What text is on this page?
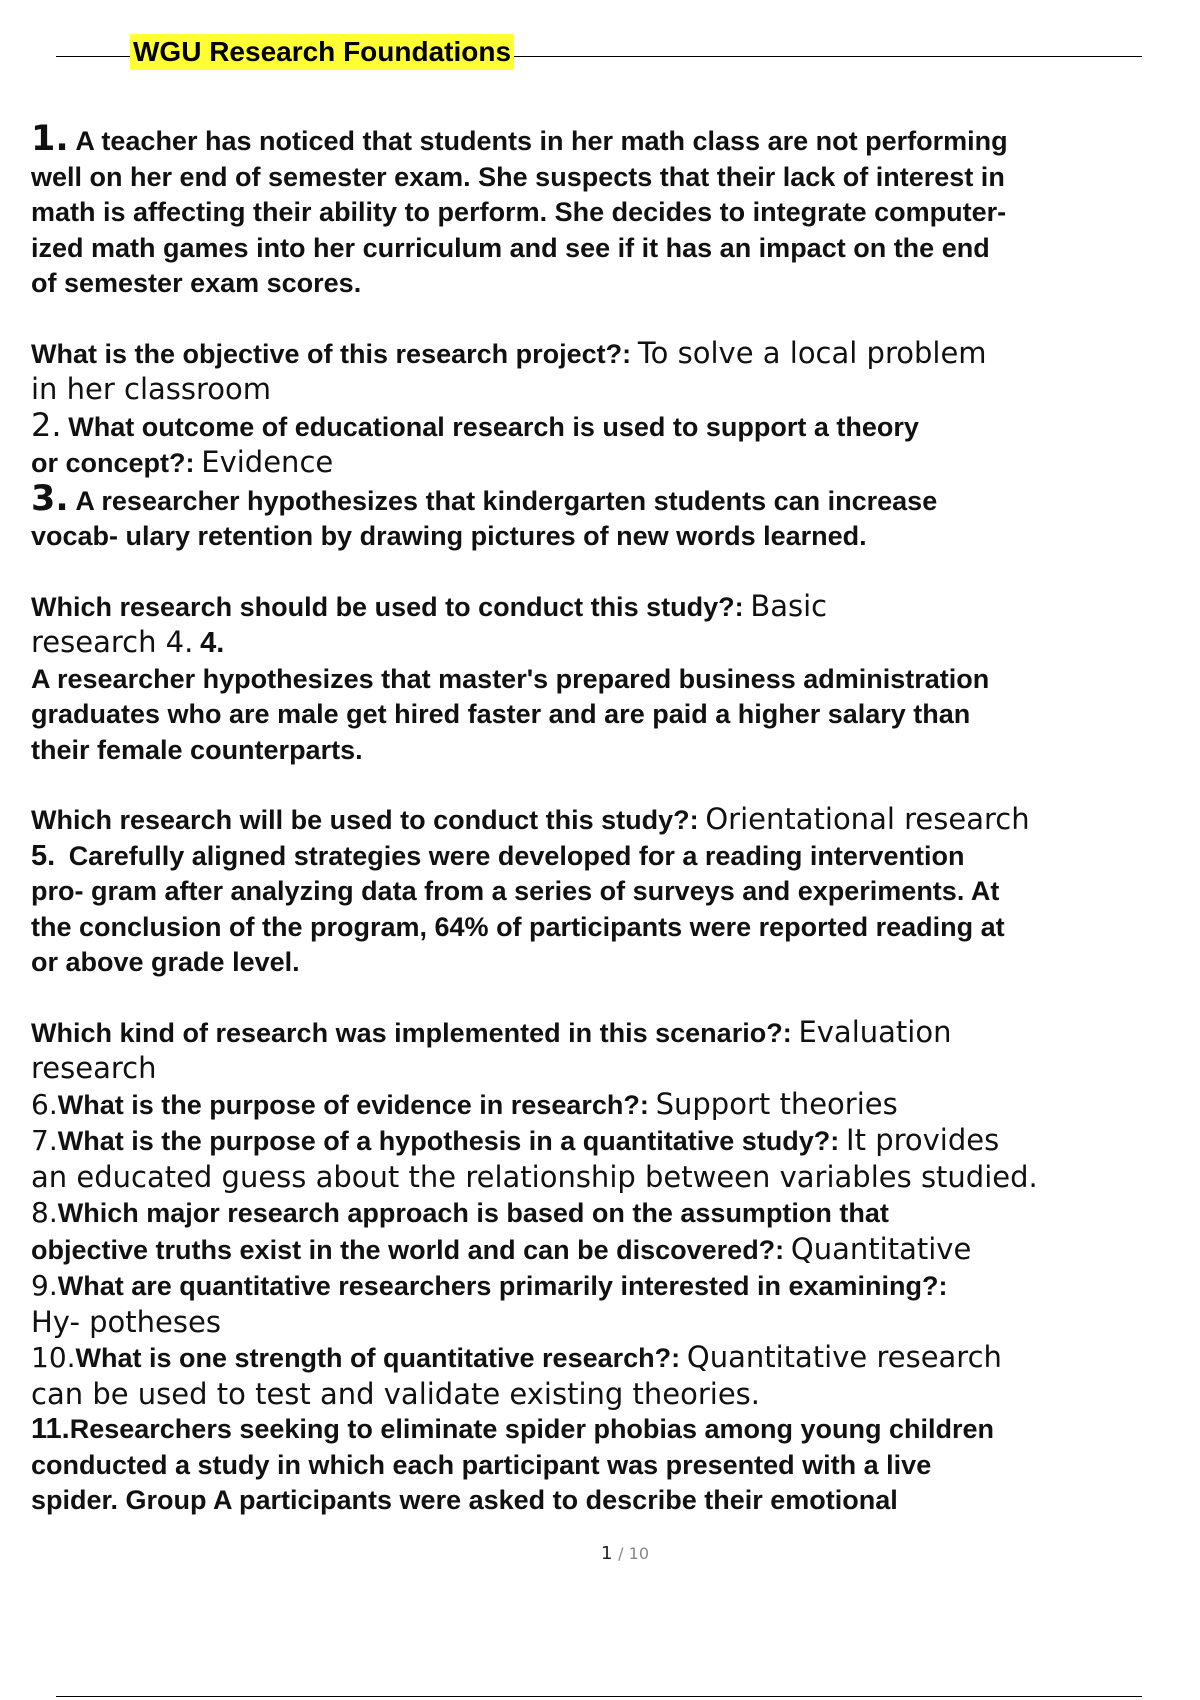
WGU Research Foundations

1. A teacher has noticed that students in her math class are not performing

well on her end of semester exam. She suspects that their lack of interest in

math is affecting their ability to perform. She decides to integrate computer-

ized math games into her curriculum and see if it has an impact on the end

of semester exam scores.

What is the objective of this research project?: To solve a local problem

in her classroom

2. What outcome of educational research is used to support a theory

or concept?: Evidence

3. A researcher hypothesizes that kindergarten students can increase

vocab- ulary retention by drawing pictures of new words learned.

Which research should be used to conduct this study?: Basic

research 4. 4.

A researcher hypothesizes that master's prepared business administration

graduates who are male get hired faster and are paid a higher salary than

their female counterparts.

Which research will be used to conduct this study?: Orientational research

5. Carefully aligned strategies were developed for a reading intervention

pro- gram after analyzing data from a series of surveys and experiments. At

the conclusion of the program, 64% of participants were reported reading at

or above grade level.

Which kind of research was implemented in this scenario?: Evaluation

research

6.What is the purpose of evidence in research?: Support theories

7.What is the purpose of a hypothesis in a quantitative study?: It provides

an educated guess about the relationship between variables studied.

8.Which major research approach is based on the assumption that

objective truths exist in the world and can be discovered?: Quantitative

9.What are quantitative researchers primarily interested in examining?:

Hy- potheses

10.What is one strength of quantitative research?: Quantitative research

can be used to test and validate existing theories.

11.Researchers seeking to eliminate spider phobias among young children

conducted a study in which each participant was presented with a live

spider. Group A participants were asked to describe their emotional

1 / 10
